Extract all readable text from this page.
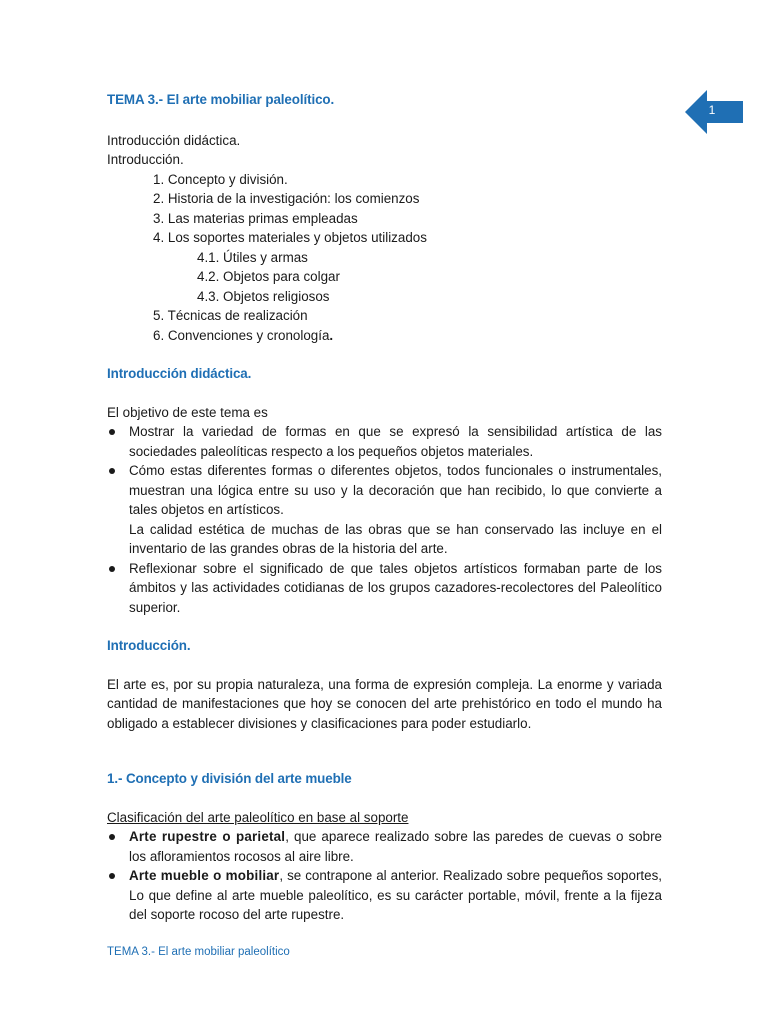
1
TEMA 3.- El arte mobiliar paleolítico.
Introducción didáctica.
Introducción.
1. Concepto y división.
2. Historia de la investigación: los comienzos
3. Las materias primas empleadas
4. Los soportes materiales y objetos utilizados
4.1. Útiles y armas
4.2. Objetos para colgar
4.3. Objetos religiosos
5. Técnicas de realización
6. Convenciones y cronología.
Introducción didáctica.
El objetivo de este tema es
Mostrar la variedad de formas en que se expresó la sensibilidad artística de las sociedades paleolíticas respecto a los pequeños objetos materiales.
Cómo estas diferentes formas o diferentes objetos, todos funcionales o instrumentales, muestran una lógica entre su uso y la decoración que han recibido, lo que convierte a tales objetos en artísticos.
La calidad estética de muchas de las obras que se han conservado las incluye en el inventario de las grandes obras de la historia del arte.
Reflexionar sobre el significado de que tales objetos artísticos formaban parte de los ámbitos y las actividades cotidianas de los grupos cazadores-recolectores del Paleolítico superior.
Introducción.
El arte es, por su propia naturaleza, una forma de expresión compleja. La enorme y variada cantidad de manifestaciones que hoy se conocen del arte prehistórico en todo el mundo ha obligado a establecer divisiones y clasificaciones para poder estudiarlo.
1.- Concepto y división del arte mueble
Clasificación del arte paleolítico en base al soporte
Arte rupestre o parietal, que aparece realizado sobre las paredes de cuevas o sobre los afloramientos rocosos al aire libre.
Arte mueble o mobiliar, se contrapone al anterior. Realizado sobre pequeños soportes, Lo que define al arte mueble paleolítico, es su carácter portable, móvil, frente a la fijeza del soporte rocoso del arte rupestre.
TEMA 3.- El arte mobiliar paleolítico
